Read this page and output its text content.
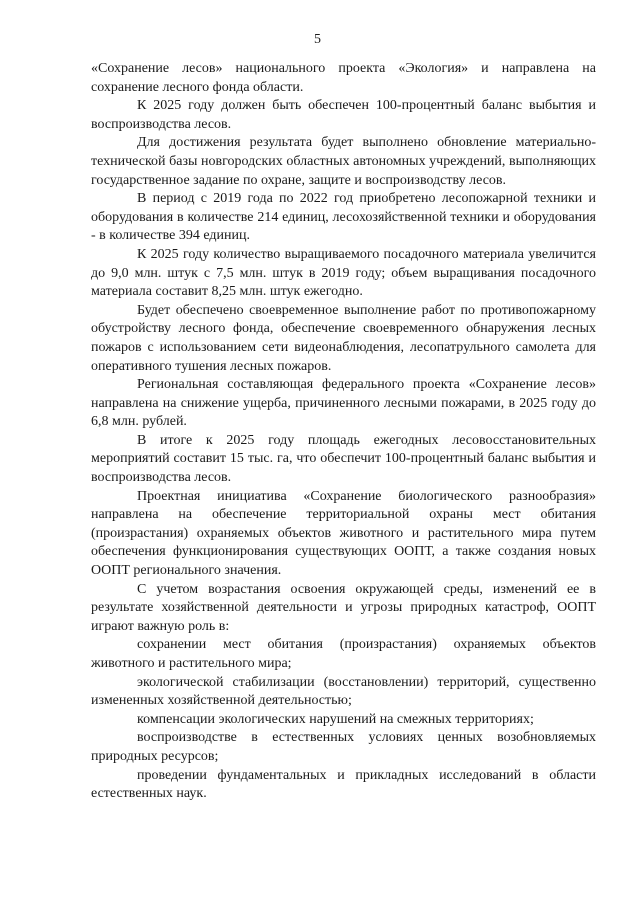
5

«Сохранение лесов» национального проекта «Экология» и направлена на сохранение лесного фонда области.

К 2025 году должен быть обеспечен 100-процентный баланс выбытия и воспроизводства лесов.

Для достижения результата будет выполнено обновление материально-технической базы новгородских областных автономных учреждений, выполняющих государственное задание по охране, защите и воспроизводству лесов.

В период с 2019 года по 2022 год приобретено лесопожарной техники и оборудования в количестве 214 единиц, лесохозяйственной техники и оборудования - в количестве 394 единиц.

К 2025 году количество выращиваемого посадочного материала увеличится до 9,0 млн. штук с 7,5 млн. штук в 2019 году; объем выращивания посадочного материала составит 8,25 млн. штук ежегодно.

Будет обеспечено своевременное выполнение работ по противопожарному обустройству лесного фонда, обеспечение своевременного обнаружения лесных пожаров с использованием сети видеонаблюдения, лесопатрульного самолета для оперативного тушения лесных пожаров.

Региональная составляющая федерального проекта «Сохранение лесов» направлена на снижение ущерба, причиненного лесными пожарами, в 2025 году до 6,8 млн. рублей.

В итоге к 2025 году площадь ежегодных лесовосстановительных мероприятий составит 15 тыс. га, что обеспечит 100-процентный баланс выбытия и воспроизводства лесов.

Проектная инициатива «Сохранение биологического разнообразия» направлена на обеспечение территориальной охраны мест обитания (произрастания) охраняемых объектов животного и растительного мира путем обеспечения функционирования существующих ООПТ, а также создания новых ООПТ регионального значения.

С учетом возрастания освоения окружающей среды, изменений ее в результате хозяйственной деятельности и угрозы природных катастроф, ООПТ играют важную роль в:

сохранении мест обитания (произрастания) охраняемых объектов животного и растительного мира;

экологической стабилизации (восстановлении) территорий, существенно измененных хозяйственной деятельностью;

компенсации экологических нарушений на смежных территориях;

воспроизводстве в естественных условиях ценных возобновляемых природных ресурсов;

проведении фундаментальных и прикладных исследований в области естественных наук.
